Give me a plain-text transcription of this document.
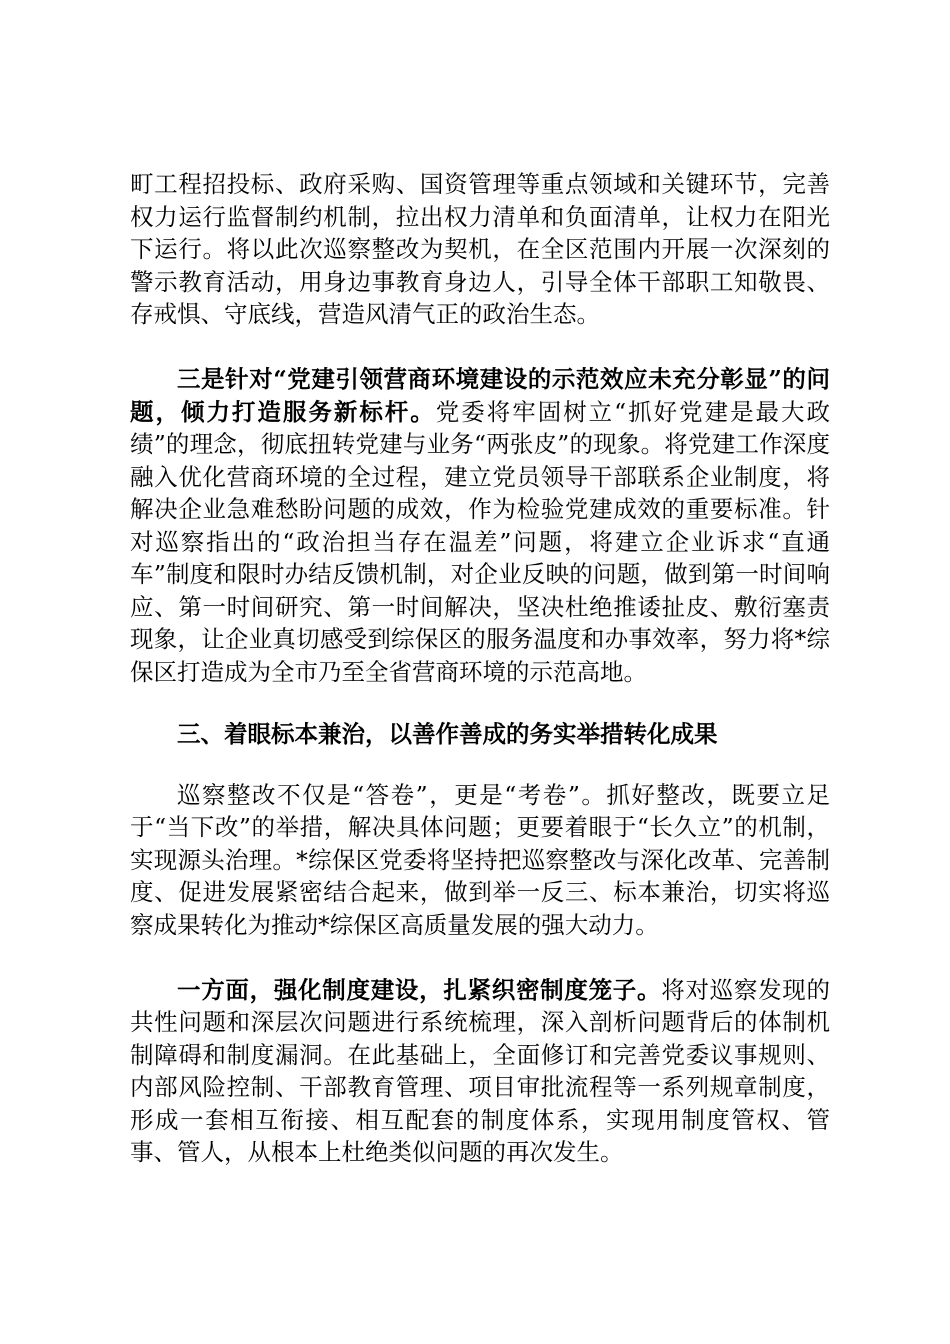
町工程招投标、政府采购、国资管理等重点领域和关键环节，完善权力运行监督制约机制，拉出权力清单和负面清单，让权力在阳光下运行。将以此次巡察整改为契机，在全区范围内开展一次深刻的警示教育活动，用身边事教育身边人，引导全体干部职工知敬畏、存戒惧、守底线，营造风清气正的政治生态。

三是针对“党建引领营商环境建设的示范效应未充分彰显”的问题，倾力打造服务新标杆。党委将牢固树立“抓好党建是最大政绩”的理念，彻底扭转党建与业务“两张皮”的现象。将党建工作深度融入优化营商环境的全过程，建立党员领导干部联系企业制度，将解决企业急难愁盼问题的成效，作为检验党建成效的重要标准。针对巡察指出的“政治担当存在温差”问题，将建立企业诉求“直通车”制度和限时办结反馈机制，对企业反映的问题，做到第一时间响应、第一时间研究、第一时间解决，坚决杜绝推诿扯皮、敷衍塞责现象，让企业真切感受到综保区的服务温度和办事效率，努力将*综保区打造成为全市乃至全省营商环境的示范高地。

三、着眼标本兼治，以善作善成的务实举措转化成果

巡察整改不仅是“答卷”，更是“考卷”。抓好整改，既要立足于“当下改”的举措，解决具体问题；更要着眼于“长久立”的机制，实现源头治理。*综保区党委将坚持把巡察整改与深化改革、完善制度、促进发展紧密结合起来，做到举一反三、标本兼治，切实将巡察成果转化为推动*综保区高质量发展的强大动力。

一方面，强化制度建设，扎紧织密制度笼子。将对巡察发现的共性问题和深层次问题进行系统梳理，深入剖析问题背后的体制机制障碍和制度漏洞。在此基础上，全面修订和完善党委议事规则、内部风险控制、干部教育管理、项目审批流程等一系列规章制度，形成一套相互衔接、相互配套的制度体系，实现用制度管权、管事、管人，从根本上杜绝类似问题的再次发生。
